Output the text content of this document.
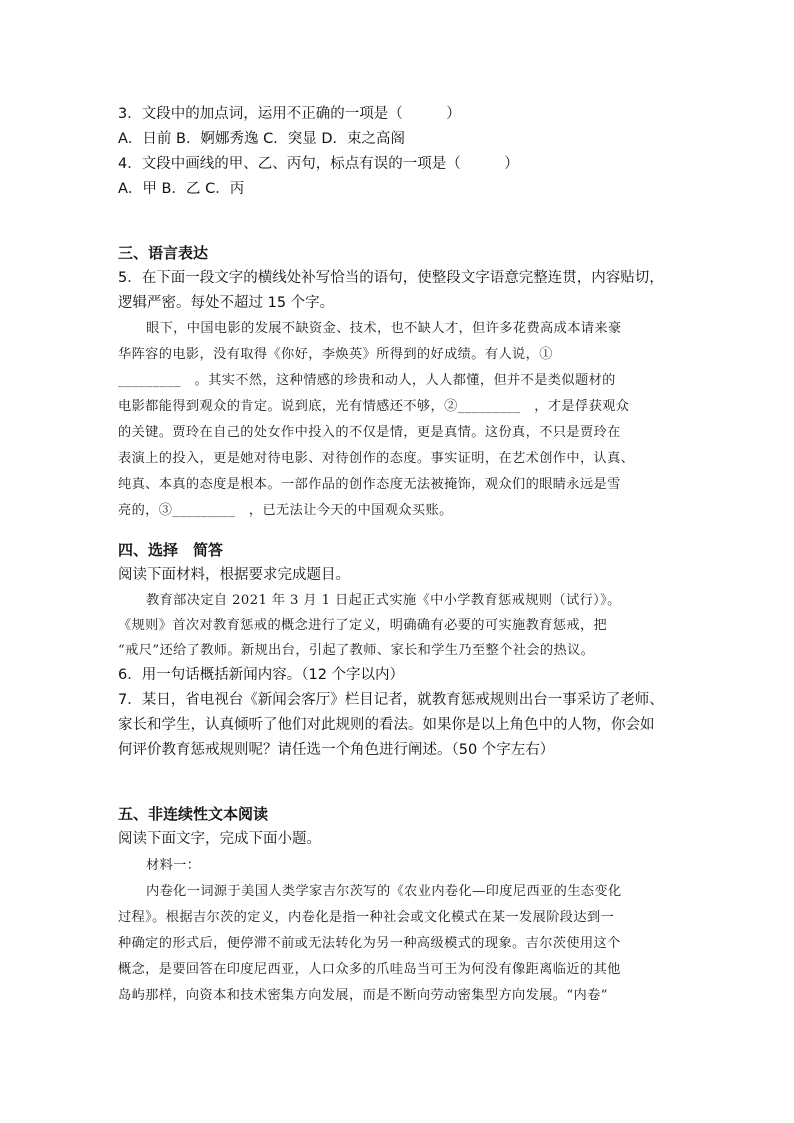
3．文段中的加点词，运用不正确的一项是（　　　）
A．日前 B．婀娜秀逸 C．突显 D．束之高阁
4．文段中画线的甲、乙、丙句，标点有误的一项是（　　　）
A．甲 B．乙 C．丙
三、语言表达
5．在下面一段文字的横线处补写恰当的语句，使整段文字语意完整连贯，内容贴切，
逻辑严密。每处不超过 15 个字。
眼下，中国电影的发展不缺资金、技术，也不缺人才，但许多花费高成本请来豪
华阵容的电影，没有取得《你好，李焕英》所得到的好成绩。有人说，①
_________　。其实不然，这种情感的珍贵和动人，人人都懂，但并不是类似题材的
电影都能得到观众的肯定。说到底，光有情感还不够，②_________　，才是俘获观众
的关键。贾玲在自己的处女作中投入的不仅是情，更是真情。这份真，不只是贾玲在
表演上的投入，更是她对待电影、对待创作的态度。事实证明，在艺术创作中，认真、
纯真、本真的态度是根本。一部作品的创作态度无法被掩饰，观众们的眼睛永远是雪
亮的，③_________　，已无法让今天的中国观众买账。
四、选择　简答
阅读下面材料，根据要求完成题目。
教育部决定自 2021 年 3 月 1 日起正式实施《中小学教育惩戒规则（试行）》。
《规则》首次对教育惩戒的概念进行了定义，明确确有必要的可实施教育惩戒，把
“戒尺”还给了教师。新规出台，引起了教师、家长和学生乃至整个社会的热议。
6．用一句话概括新闻内容。（12 个字以内）
7．某日，省电视台《新闻会客厅》栏目记者，就教育惩戒规则出台一事采访了老师、
家长和学生，认真倾听了他们对此规则的看法。如果你是以上角色中的人物，你会如
何评价教育惩戒规则呢？请任选一个角色进行阐述。（50 个字左右）
五、非连续性文本阅读
阅读下面文字，完成下面小题。
材料一：
内卷化一词源于美国人类学家吉尔茨写的《农业内卷化—印度尼西亚的生态变化
过程》。根据吉尔茨的定义，内卷化是指一种社会或文化模式在某一发展阶段达到一
种确定的形式后，便停滞不前或无法转化为另一种高级模式的现象。吉尔茨使用这个
概念，是要回答在印度尼西亚，人口众多的爪哇岛当可王为何没有像距离临近的其他
岛屿那样，向资本和技术密集方向发展，而是不断向劳动密集型方向发展。“内卷”
